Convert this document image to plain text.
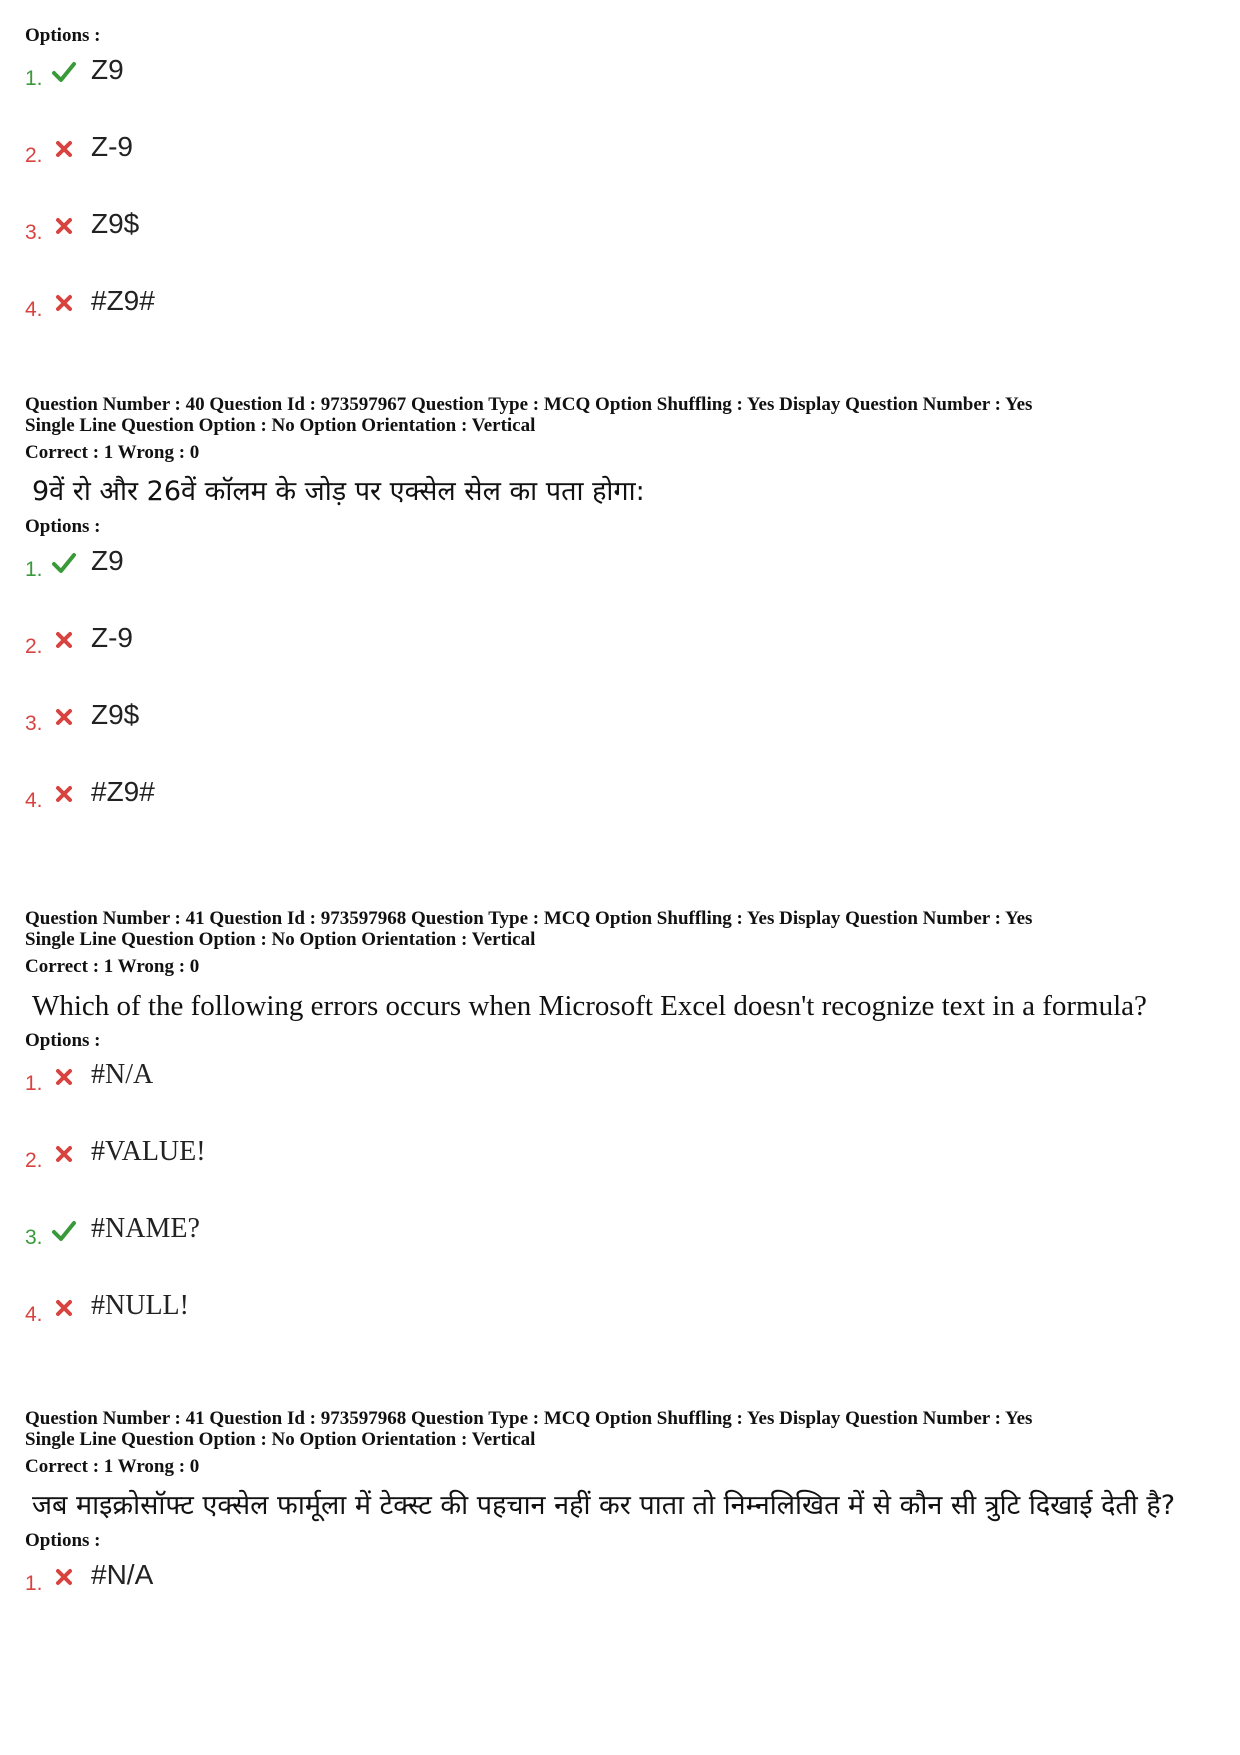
Options :
1. Z9
2. Z-9
3. Z9$
4. #Z9#

Question Number : 40 Question Id : 973597967 Question Type : MCQ Option Shuffling : Yes Display Question Number : Yes

Single Line Question Option : No Option Orientation : Vertical

Correct : 1 Wrong : 0
9वें रो और 26वें कॉलम के जोड़ पर एक्सेल सेल का पता होगा:
Options :
1. Z9
2. Z-9
3. Z9$
4. #Z9#

Question Number : 41 Question Id : 973597968 Question Type : MCQ Option Shuffling : Yes Display Question Number : Yes

Single Line Question Option : No Option Orientation : Vertical

Correct : 1 Wrong : 0
Which of the following errors occurs when Microsoft Excel doesn't recognize text in a formula?
Options :
1. #N/A
2. #VALUE!
3. #NAME?
4. #NULL!

Question Number : 41 Question Id : 973597968 Question Type : MCQ Option Shuffling : Yes Display Question Number : Yes

Single Line Question Option : No Option Orientation : Vertical

Correct : 1 Wrong : 0
जब माइक्रोसॉफ्ट एक्सेल फार्मूला में टेक्स्ट की पहचान नहीं कर पाता तो निम्नलिखित में से कौन सी त्रुटि दिखाई देती है?
Options :
1. #N/A
